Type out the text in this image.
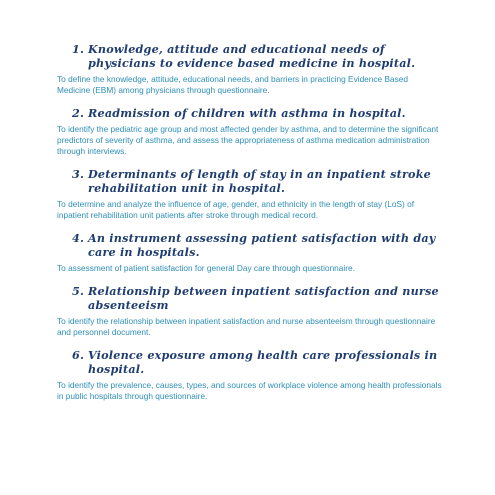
1. Knowledge, attitude and educational needs of physicians to evidence based medicine in hospital.

To define the knowledge, attitude, educational needs, and barriers in practicing Evidence Based Medicine (EBM) among physicians through questionnaire.

2. Readmission of children with asthma in hospital.

To identify the pediatric age group and most affected gender by asthma, and to determine the significant predictors of severity of asthma, and assess the appropriateness of asthma medication administration through interviews.

3. Determinants of length of stay in an inpatient stroke rehabilitation unit in hospital.

To determine and analyze the influence of age, gender, and ethnicity in the length of stay (LoS) of inpatient rehabilitation unit patients after stroke through medical record.

4. An instrument assessing patient satisfaction with day care in hospitals.

To assessment of patient satisfaction for general Day care through questionnaire.

5. Relationship between inpatient satisfaction and nurse absenteeism

To identify the relationship between inpatient satisfaction and nurse absenteeism through questionnaire and personnel document.

6. Violence exposure among health care professionals in hospital.

To identify the prevalence, causes, types, and sources of workplace violence among health professionals in public hospitals through questionnaire.
